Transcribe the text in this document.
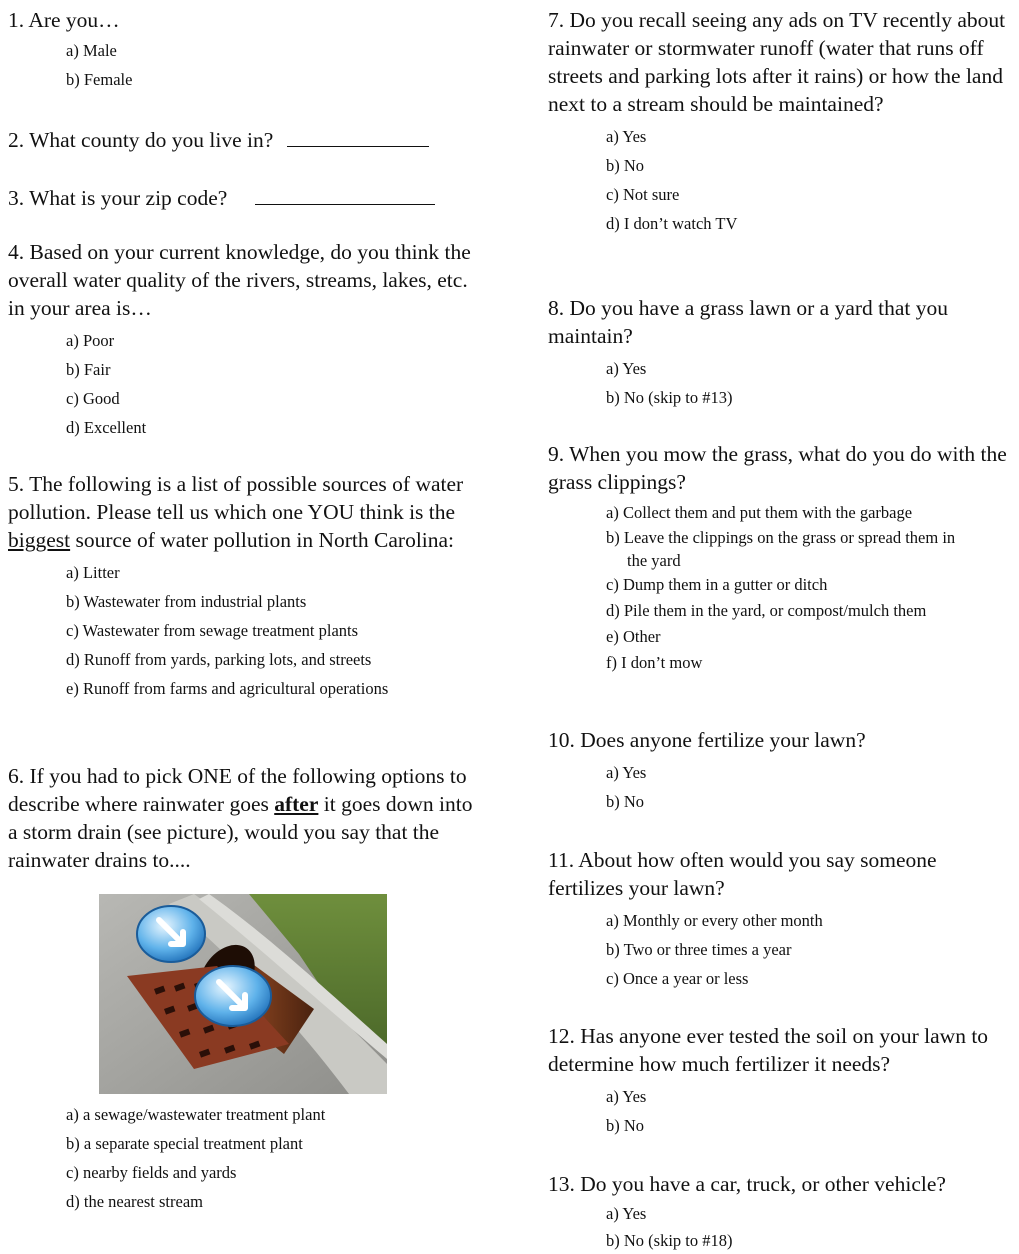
1. Are you…

a) Male
b) Female
2. What county do you live in?
3. What is your zip code?

4. Based on your current knowledge, do you think the overall water quality of the rivers, streams, lakes, etc. in your area is…

a) Poor
b) Fair
c) Good
d) Excellent

5. The following is a list of possible sources of water pollution. Please tell us which one YOU think is the biggest source of water pollution in North Carolina:

a) Litter
b) Wastewater from industrial plants
c) Wastewater from sewage treatment plants
d) Runoff from yards, parking lots, and streets
e) Runoff from farms and agricultural operations

6. If you had to pick ONE of the following options to describe where rainwater goes after it goes down into a storm drain (see picture), would you say that the rainwater drains to....

a) a sewage/wastewater treatment plant
b) a separate special treatment plant
c) nearby fields and yards
d) the nearest stream

7. Do you recall seeing any ads on TV recently about rainwater or stormwater runoff (water that runs off streets and parking lots after it rains) or how the land next to a stream should be maintained?

a) Yes
b) No
c) Not sure
d) I don’t watch TV

8. Do you have a grass lawn or a yard that you maintain?

a) Yes
b) No (skip to #13)

9. When you mow the grass, what do you do with the grass clippings?

a) Collect them and put them with the garbage
b) Leave the clippings on the grass or spread them in
the yard
c) Dump them in a gutter or ditch
d) Pile them in the yard, or compost/mulch them
e) Other
f) I don’t mow

10. Does anyone fertilize your lawn?

a) Yes
b) No

11. About how often would you say someone fertilizes your lawn?

a) Monthly or every other month
b) Two or three times a year
c) Once a year or less

12. Has anyone ever tested the soil on your lawn to determine how much fertilizer it needs?

a) Yes
b) No

13. Do you have a car, truck, or other vehicle?

a) Yes
b) No (skip to #18)
